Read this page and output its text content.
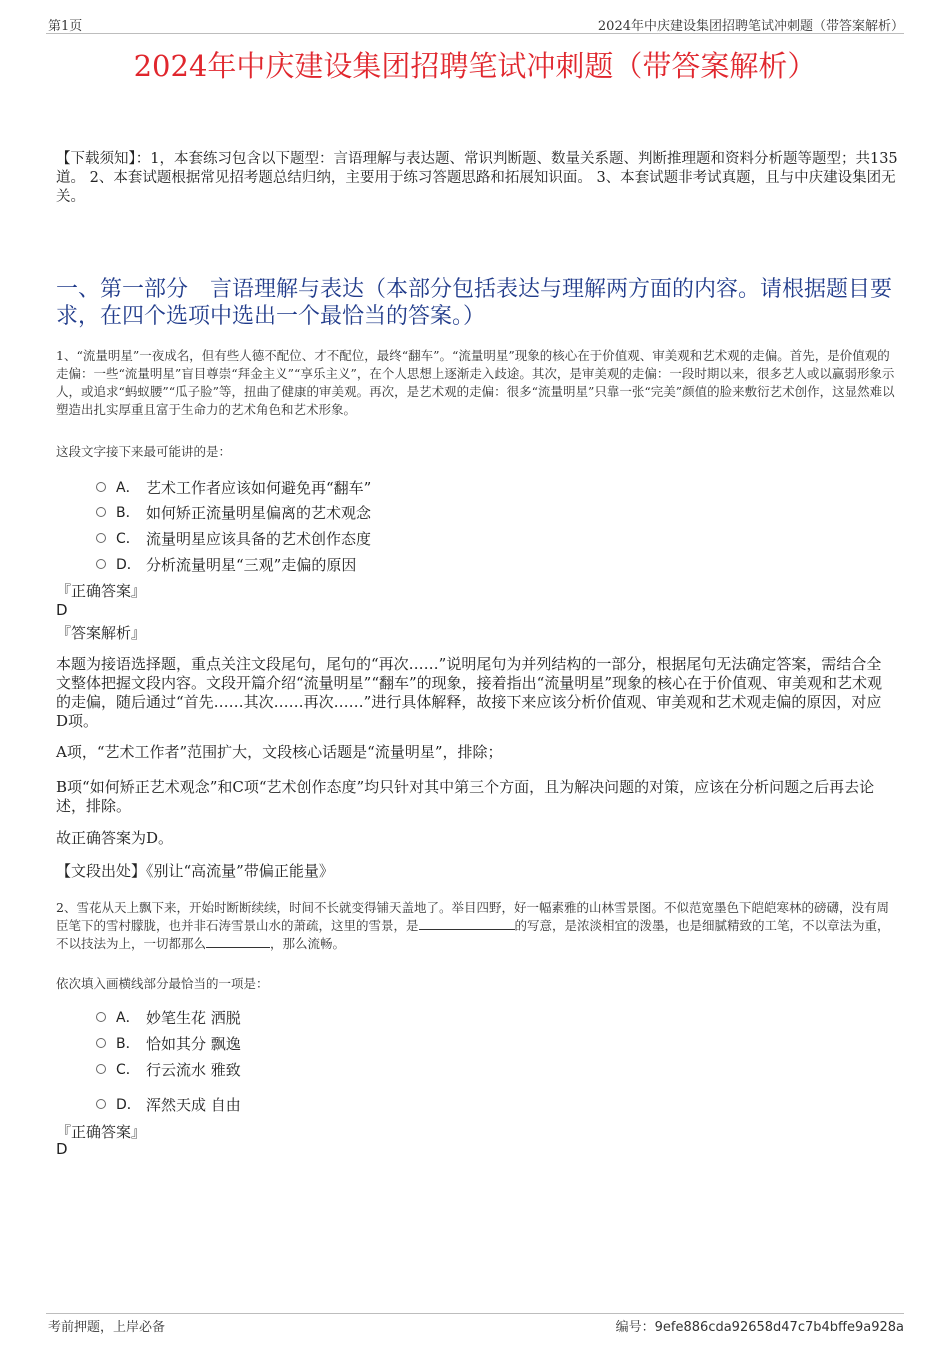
第1页	2024年中庆建设集团招聘笔试冲刺题（带答案解析）
2024年中庆建设集团招聘笔试冲刺题（带答案解析）
【下载须知】：1，本套练习包含以下题型：言语理解与表达题、常识判断题、数量关系题、判断推理题和资料分析题等题型；共135道。 2、本套试题根据常见招考题总结归纳，主要用于练习答题思路和拓展知识面。 3、本套试题非考试真题，且与中庆建设集团无关。
一、第一部分　言语理解与表达（本部分包括表达与理解两方面的内容。请根据题目要求，在四个选项中选出一个最恰当的答案。）
1、“流量明星”一夜成名，但有些人德不配位、才不配位，最终“翻车”。“流量明星”现象的核心在于价值观、审美观和艺术观的走偏。首先，是价值观的走偏：一些“流量明星”盲目尊崇“拜金主义”“享乐主义”，在个人思想上逐渐走入歧途。其次，是审美观的走偏：一段时期以来，很多艺人或以赢弱形象示人，或追求“蚂蚁腰”“瓜子脸”等，扭曲了健康的审美观。再次，是艺术观的走偏：很多“流量明星”只靠一张“完美”颜值的脸来敷衍艺术创作，这显然难以塑造出扎实厚重且富于生命力的艺术角色和艺术形象。
这段文字接下来最可能讲的是：
A． 艺术工作者应该如何避免再“翻车”
B． 如何矫正流量明星偏离的艺术观念
C． 流量明星应该具备的艺术创作态度
D． 分析流量明星“三观”走偏的原因
『正确答案』
D
『答案解析』
本题为接语选择题，重点关注文段尾句，尾句的“再次……”说明尾句为并列结构的一部分，根据尾句无法确定答案，需结合全文整体把握文段内容。文段开篇介绍“流量明星”“翻车”的现象，接着指出“流量明星”现象的核心在于价值观、审美观和艺术观的走偏，随后通过“首先……其次……再次……”进行具体解释，故接下来应该分析价值观、审美观和艺术观走偏的原因，对应D项。
A项，“艺术工作者”范围扩大，文段核心话题是“流量明星”，排除；
B项“如何矫正艺术观念”和C项“艺术创作态度”均只针对其中第三个方面，且为解决问题的对策，应该在分析问题之后再去论述，排除。
故正确答案为D。
【文段出处】《别让“高流量”带偏正能量》
2、雪花从天上飘下来，开始时断断续续，时间不长就变得铺天盖地了。举目四野，好一幅素雅的山林雪景图。不似范宽墨色下皑皑寒林的磅礴，没有周臣笔下的雪村朦胧，也并非石涛雪景山水的萧疏，这里的雪景，是	的写意，是浓淡相宜的泼墨，也是细腻精致的工笔，不以章法为重，不以技法为上，一切都那么	，那么流畅。
依次填入画横线部分最恰当的一项是：
A． 妙笔生花 洒脱
B． 恰如其分 飘逸
C． 行云流水 雅致
D． 浑然天成 自由
『正确答案』
D
考前押题，上岸必备	编号：9efe886cda92658d47c7b4bffe9a928a
